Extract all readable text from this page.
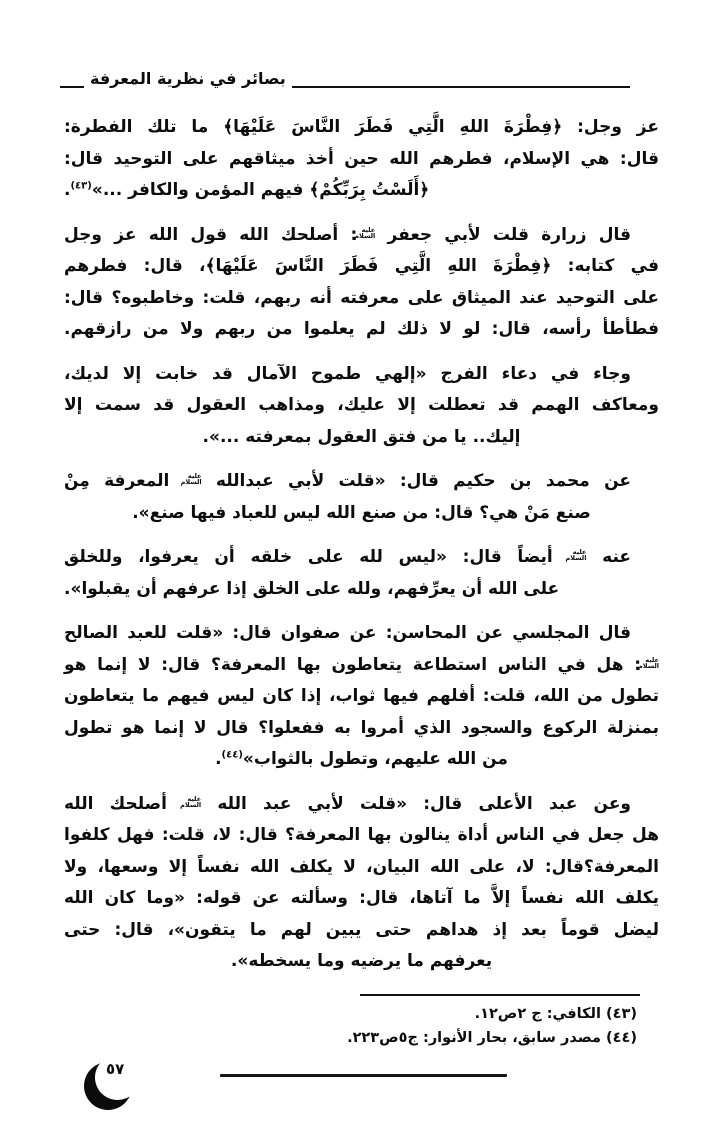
بصائر في نظرية المعرفة
عز وجل: ﴿فِطْرَةَ اللهِ الَّتِي فَطَرَ النَّاسَ عَلَيْهَا﴾ ما تلك الفطرة:
قال: هي الإسلام، فطرهم الله حين أخذ ميثاقهم على التوحيد قال:
﴿أَلَسْتُ بِرَبِّكُمْ﴾ فيهم المؤمن والكافر ...»$^{(٤٣)}$.
قال زرارة قلت لأبي جعفر
عليه
السلام
: أصلحك الله قول الله عز وجل
في كتابه: ﴿فِطْرَةَ اللهِ الَّتِي فَطَرَ النَّاسَ عَلَيْهَا﴾، قال: فطرهم
على التوحيد عند الميثاق على معرفته أنه ربهم، قلت: وخاطبوه؟ قال:
فطأطأ رأسه، قال: لو لا ذلك لم يعلموا من ربهم ولا من رازقهم.
وجاء في دعاء الفرج «إلهي طموح الآمال قد خابت إلا لديك،
ومعاكف الهمم قد تعطلت إلا عليك، ومذاهب العقول قد سمت إلا
إليك.. يا من فتق العقول بمعرفته ...».
عن محمد بن حكيم قال: «قلت لأبي عبدالله
عليه
السلام
المعرفة مِنْ
صنع مَنْ هي؟ قال: من صنع الله ليس للعباد فيها صنع».
عنه
عليه
السلام
أيضاً قال: «ليس لله على خلقه أن يعرفوا، وللخلق
على الله أن يعرِّفهم، ولله على الخلق إذا عرفهم أن يقبلوا».
قال المجلسي عن المحاسن: عن صفوان قال: «قلت للعبد الصالح
عليه
السلام
: هل في الناس استطاعة يتعاطون بها المعرفة؟ قال: لا إنما هو
تطول من الله، قلت: أفلهم فيها ثواب، إذا كان ليس فيهم ما يتعاطون
بمنزلة الركوع والسجود الذي أمروا به ففعلوا؟ قال لا إنما هو تطول
من الله عليهم، وتطول بالثواب»$^{(٤٤)}$.
وعن عبد الأعلى قال: «قلت لأبي عبد الله
عليه
السلام
أصلحك الله
هل جعل في الناس أداة ينالون بها المعرفة؟ قال: لا، قلت: فهل كلفوا
المعرفة؟قال: لا، على الله البيان، لا يكلف الله نفساً إلا وسعها، ولا
يكلف الله نفساً إلاَّ ما آتاها، قال: وسألته عن قوله: «وما كان الله
ليضل قوماً بعد إذ هداهم حتى يبين لهم ما يتقون»، قال: حتى
يعرفهم ما يرضيه وما يسخطه».
(٤٣) الكافي: ج ٢ص١٢.
(٤٤) مصدر سابق، بحار الأنوار: ج٥ص٢٢٣.
٥٧
